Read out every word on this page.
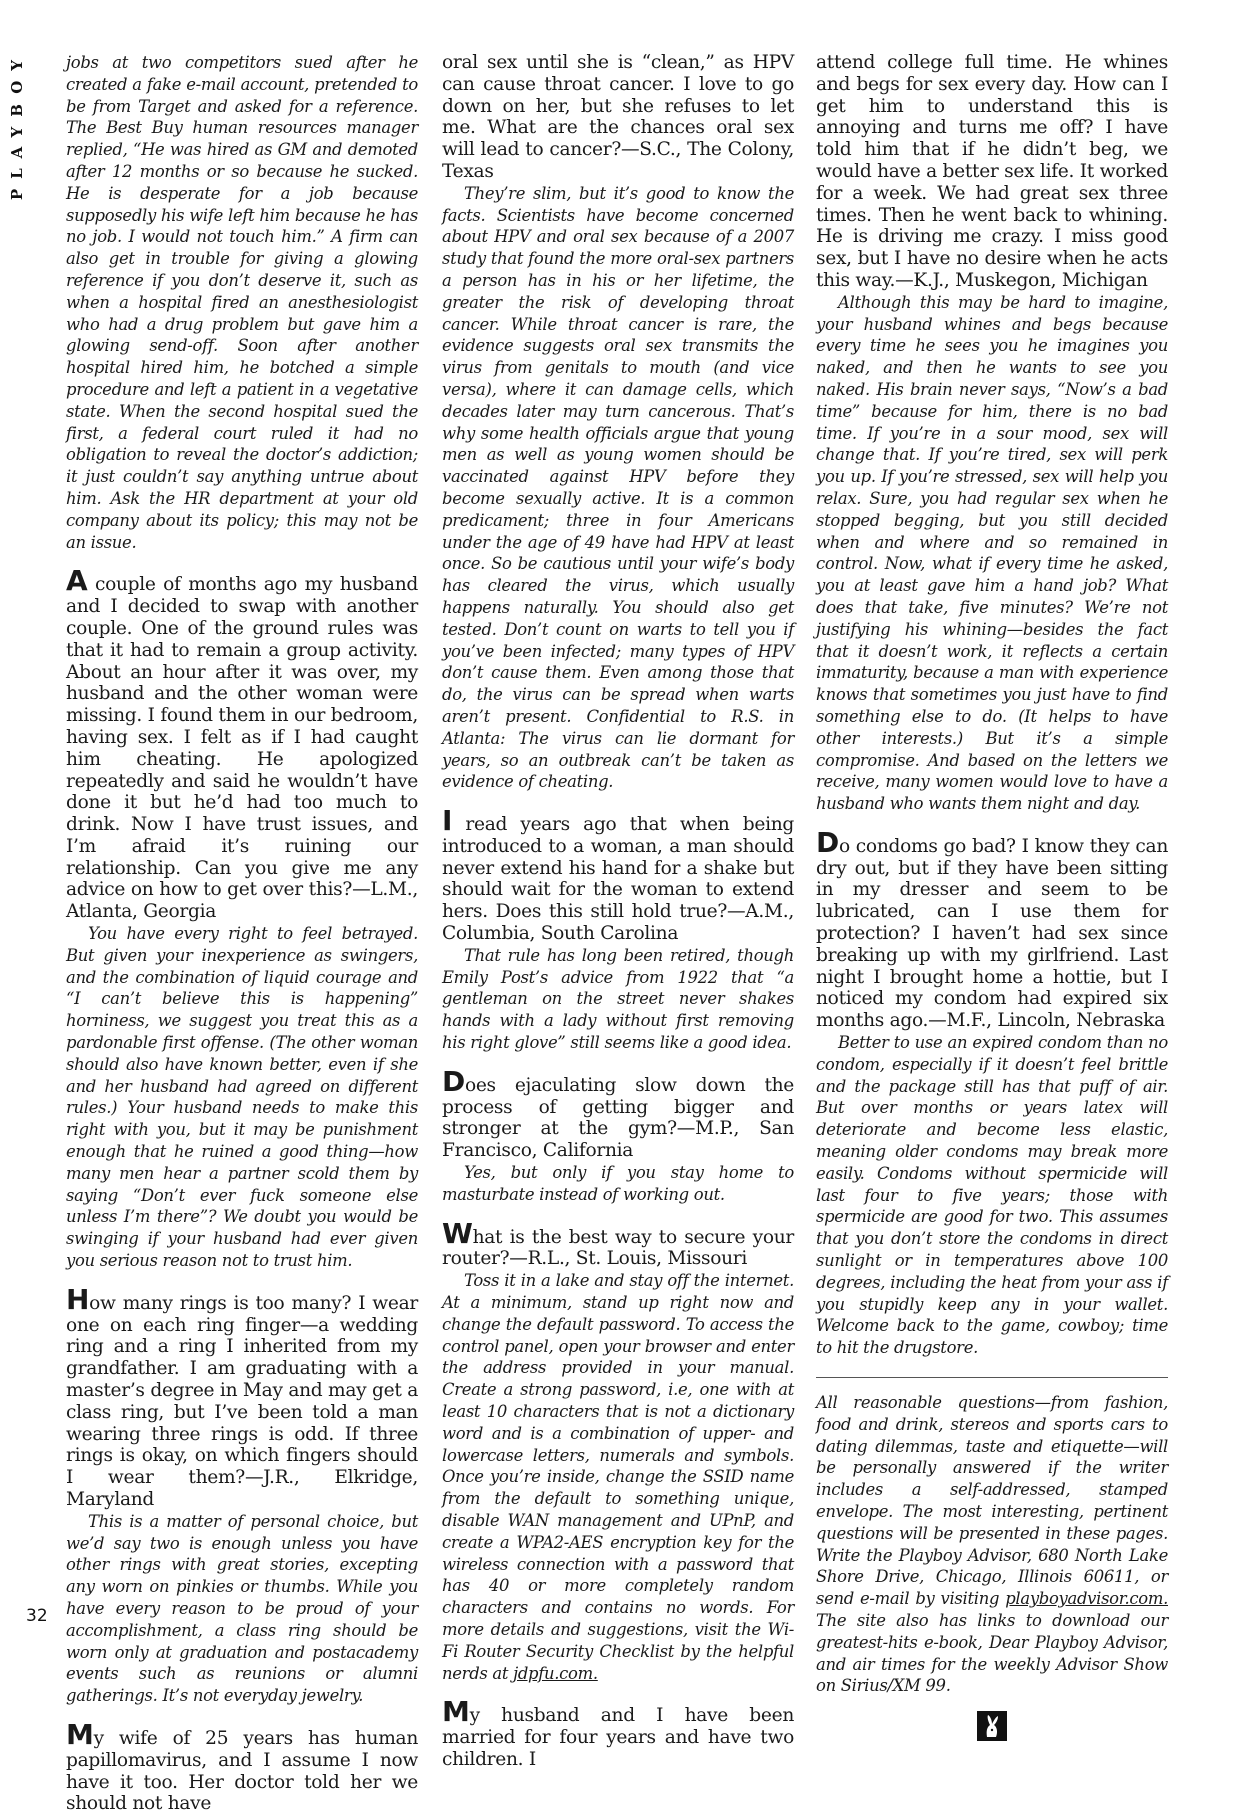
PLAYBOY
32

jobs at two competitors sued after he created a fake e-mail account, pretended to be from Target and asked for a reference. The Best Buy human resources manager replied, “He was hired as GM and demoted after 12 months or so because he sucked. He is desperate for a job because supposedly his wife left him because he has no job. I would not touch him.” A firm can also get in trouble for giving a glowing reference if you don’t deserve it, such as when a hospital fired an anesthesiologist who had a drug problem but gave him a glowing send-off. Soon after another hospital hired him, he botched a simple procedure and left a patient in a vegetative state. When the second hospital sued the first, a federal court ruled it had no obligation to reveal the doctor’s addiction; it just couldn’t say anything untrue about him. Ask the HR department at your old company about its policy; this may not be an issue.

A couple of months ago my husband and I decided to swap with another couple. One of the ground rules was that it had to remain a group activity. About an hour after it was over, my husband and the other woman were missing. I found them in our bedroom, having sex. I felt as if I had caught him cheating. He apologized repeatedly and said he wouldn’t have done it but he’d had too much to drink. Now I have trust issues, and I’m afraid it’s ruining our relationship. Can you give me any advice on how to get over this?—L.M., Atlanta, Georgia

You have every right to feel betrayed. But given your inexperience as swingers, and the combination of liquid courage and “I can’t believe this is happening” horniness, we suggest you treat this as a pardonable first offense. (The other woman should also have known better, even if she and her husband had agreed on different rules.) Your husband needs to make this right with you, but it may be punishment enough that he ruined a good thing—how many men hear a partner scold them by saying “Don’t ever fuck someone else unless I’m there”? We doubt you would be swinging if your husband had ever given you serious reason not to trust him.

How many rings is too many? I wear one on each ring finger—a wedding ring and a ring I inherited from my grandfather. I am graduating with a master’s degree in May and may get a class ring, but I’ve been told a man wearing three rings is odd. If three rings is okay, on which fingers should I wear them?—J.R., Elkridge, Maryland

This is a matter of personal choice, but we’d say two is enough unless you have other rings with great stories, excepting any worn on pinkies or thumbs. While you have every reason to be proud of your accomplishment, a class ring should be worn only at graduation and postacademy events such as reunions or alumni gatherings. It’s not everyday jewelry.

My wife of 25 years has human papillomavirus, and I assume I now have it too. Her doctor told her we should not have

oral sex until she is “clean,” as HPV can cause throat cancer. I love to go down on her, but she refuses to let me. What are the chances oral sex will lead to cancer?—S.C., The Colony, Texas

They’re slim, but it’s good to know the facts. Scientists have become concerned about HPV and oral sex because of a 2007 study that found the more oral-sex partners a person has in his or her lifetime, the greater the risk of developing throat cancer. While throat cancer is rare, the evidence suggests oral sex transmits the virus from genitals to mouth (and vice versa), where it can damage cells, which decades later may turn cancerous. That’s why some health officials argue that young men as well as young women should be vaccinated against HPV before they become sexually active. It is a common predicament; three in four Americans under the age of 49 have had HPV at least once. So be cautious until your wife’s body has cleared the virus, which usually happens naturally. You should also get tested. Don’t count on warts to tell you if you’ve been infected; many types of HPV don’t cause them. Even among those that do, the virus can be spread when warts aren’t present. Confidential to R.S. in Atlanta: The virus can lie dormant for years, so an outbreak can’t be taken as evidence of cheating.

I read years ago that when being introduced to a woman, a man should never extend his hand for a shake but should wait for the woman to extend hers. Does this still hold true?—A.M., Columbia, South Carolina

That rule has long been retired, though Emily Post’s advice from 1922 that “a gentleman on the street never shakes hands with a lady without first removing his right glove” still seems like a good idea.

Does ejaculating slow down the process of getting bigger and stronger at the gym?—M.P., San Francisco, California

Yes, but only if you stay home to masturbate instead of working out.

What is the best way to secure your router?—R.L., St. Louis, Missouri

Toss it in a lake and stay off the internet. At a minimum, stand up right now and change the default password. To access the control panel, open your browser and enter the address provided in your manual. Create a strong password, i.e, one with at least 10 characters that is not a dictionary word and is a combination of upper- and lowercase letters, numerals and symbols. Once you’re inside, change the SSID name from the default to something unique, disable WAN management and UPnP, and create a WPA2-AES encryption key for the wireless connection with a password that has 40 or more completely random characters and contains no words. For more details and suggestions, visit the Wi-Fi Router Security Checklist by the helpful nerds at jdpfu.com.

My husband and I have been married for four years and have two children. I

attend college full time. He whines and begs for sex every day. How can I get him to understand this is annoying and turns me off? I have told him that if he didn’t beg, we would have a better sex life. It worked for a week. We had great sex three times. Then he went back to whining. He is driving me crazy. I miss good sex, but I have no desire when he acts this way.—K.J., Muskegon, Michigan

Although this may be hard to imagine, your husband whines and begs because every time he sees you he imagines you naked, and then he wants to see you naked. His brain never says, “Now’s a bad time” because for him, there is no bad time. If you’re in a sour mood, sex will change that. If you’re tired, sex will perk you up. If you’re stressed, sex will help you relax. Sure, you had regular sex when he stopped begging, but you still decided when and where and so remained in control. Now, what if every time he asked, you at least gave him a hand job? What does that take, five minutes? We’re not justifying his whining—besides the fact that it doesn’t work, it reflects a certain immaturity, because a man with experience knows that sometimes you just have to find something else to do. (It helps to have other interests.) But it’s a simple compromise. And based on the letters we receive, many women would love to have a husband who wants them night and day.

Do condoms go bad? I know they can dry out, but if they have been sitting in my dresser and seem to be lubricated, can I use them for protection? I haven’t had sex since breaking up with my girlfriend. Last night I brought home a hottie, but I noticed my condom had expired six months ago.—M.F., Lincoln, Nebraska

Better to use an expired condom than no condom, especially if it doesn’t feel brittle and the package still has that puff of air. But over months or years latex will deteriorate and become less elastic, meaning older condoms may break more easily. Condoms without spermicide will last four to five years; those with spermicide are good for two. This assumes that you don’t store the condoms in direct sunlight or in temperatures above 100 degrees, including the heat from your ass if you stupidly keep any in your wallet. Welcome back to the game, cowboy; time to hit the drugstore.

All reasonable questions—from fashion, food and drink, stereos and sports cars to dating dilemmas, taste and etiquette—will be personally answered if the writer includes a self-addressed, stamped envelope. The most interesting, pertinent questions will be presented in these pages. Write the Playboy Advisor, 680 North Lake Shore Drive, Chicago, Illinois 60611, or send e-mail by visiting playboyadvisor.com. The site also has links to download our greatest-hits e-book, Dear Playboy Advisor, and air times for the weekly Advisor Show on Sirius/XM 99.
